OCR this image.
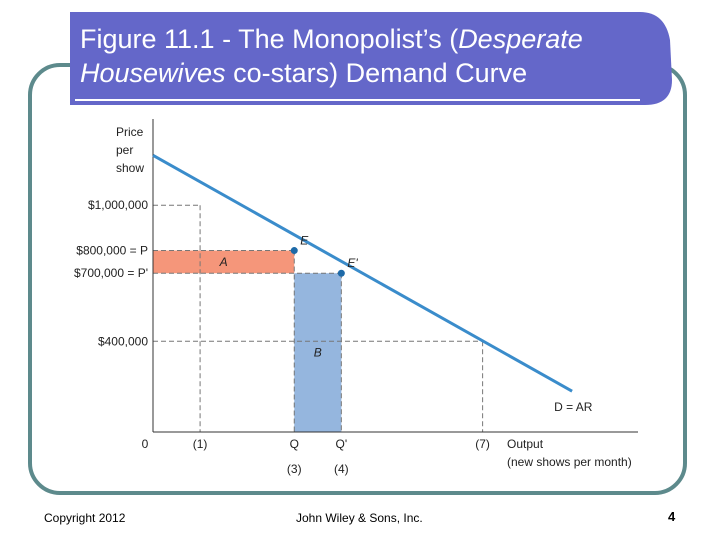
Figure 11.1 - The Monopolist’s (Desperate
Housewives co-stars) Demand Curve
A
B
D = AR
E
E'
$1,000,000
$800,000 = P
$700,000 = P'
$400,000
0	(1)	Q
(3)
Q'
(4)
(7)
Price
per
show
Output
(new shows per month)
Copyright 2012	John Wiley & Sons, Inc.	4
